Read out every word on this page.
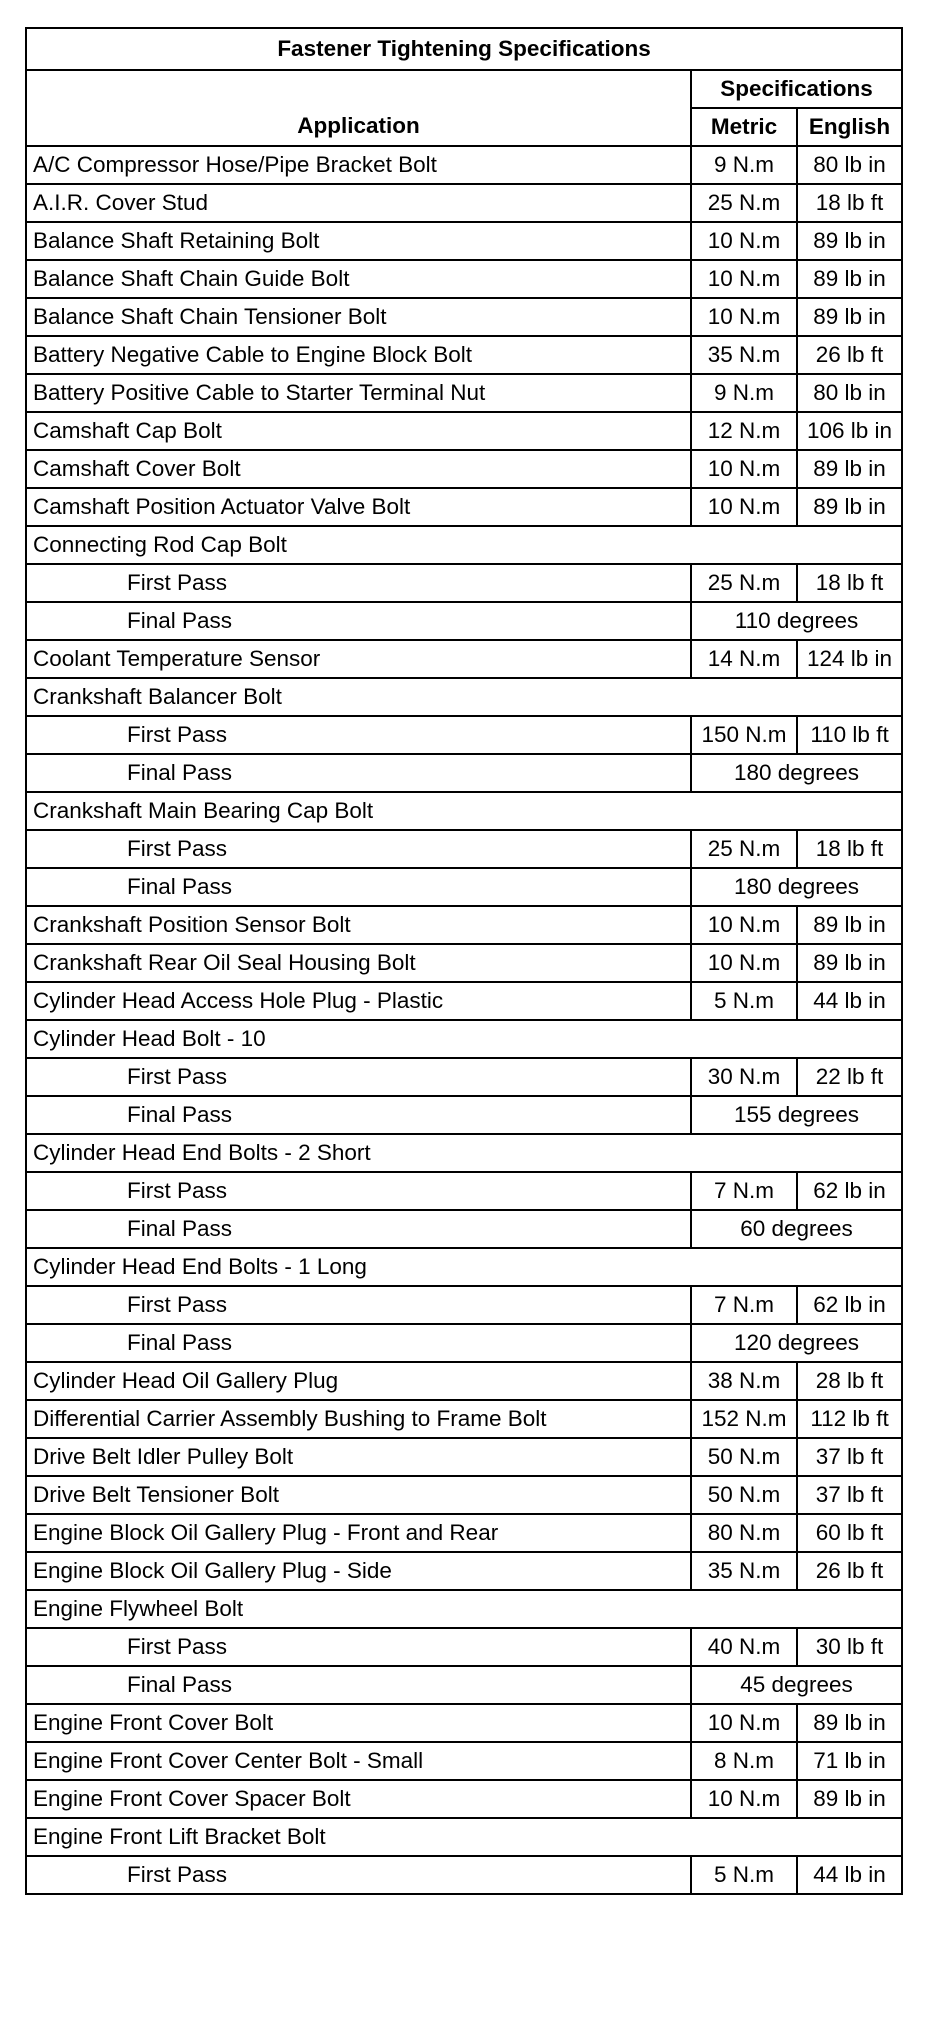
Fastener Tightening Specifications		
Application	Specifications	
	Metric	English
A/C Compressor Hose/Pipe Bracket Bolt	9 N.m	80 lb in
A.I.R. Cover Stud	25 N.m	18 lb ft
Balance Shaft Retaining Bolt	10 N.m	89 lb in
Balance Shaft Chain Guide Bolt	10 N.m	89 lb in
Balance Shaft Chain Tensioner Bolt	10 N.m	89 lb in
Battery Negative Cable to Engine Block Bolt	35 N.m	26 lb ft
Battery Positive Cable to Starter Terminal Nut	9 N.m	80 lb in
Camshaft Cap Bolt	12 N.m	106 lb in
Camshaft Cover Bolt	10 N.m	89 lb in
Camshaft Position Actuator Valve Bolt	10 N.m	89 lb in
Connecting Rod Cap Bolt		
First Pass	25 N.m	18 lb ft
Final Pass	110 degrees	
Coolant Temperature Sensor	14 N.m	124 lb in
Crankshaft Balancer Bolt		
First Pass	150 N.m	110 lb ft
Final Pass	180 degrees	
Crankshaft Main Bearing Cap Bolt		
First Pass	25 N.m	18 lb ft
Final Pass	180 degrees	
Crankshaft Position Sensor Bolt	10 N.m	89 lb in
Crankshaft Rear Oil Seal Housing Bolt	10 N.m	89 lb in
Cylinder Head Access Hole Plug - Plastic	5 N.m	44 lb in
Cylinder Head Bolt - 10		
First Pass	30 N.m	22 lb ft
Final Pass	155 degrees	
Cylinder Head End Bolts - 2 Short		
First Pass	7 N.m	62 lb in
Final Pass	60 degrees	
Cylinder Head End Bolts - 1 Long		
First Pass	7 N.m	62 lb in
Final Pass	120 degrees	
Cylinder Head Oil Gallery Plug	38 N.m	28 lb ft
Differential Carrier Assembly Bushing to Frame Bolt	152 N.m	112 lb ft
Drive Belt Idler Pulley Bolt	50 N.m	37 lb ft
Drive Belt Tensioner Bolt	50 N.m	37 lb ft
Engine Block Oil Gallery Plug - Front and Rear	80 N.m	60 lb ft
Engine Block Oil Gallery Plug - Side	35 N.m	26 lb ft
Engine Flywheel Bolt		
First Pass	40 N.m	30 lb ft
Final Pass	45 degrees	
Engine Front Cover Bolt	10 N.m	89 lb in
Engine Front Cover Center Bolt - Small	8 N.m	71 lb in
Engine Front Cover Spacer Bolt	10 N.m	89 lb in
Engine Front Lift Bracket Bolt		
First Pass	5 N.m	44 lb in
